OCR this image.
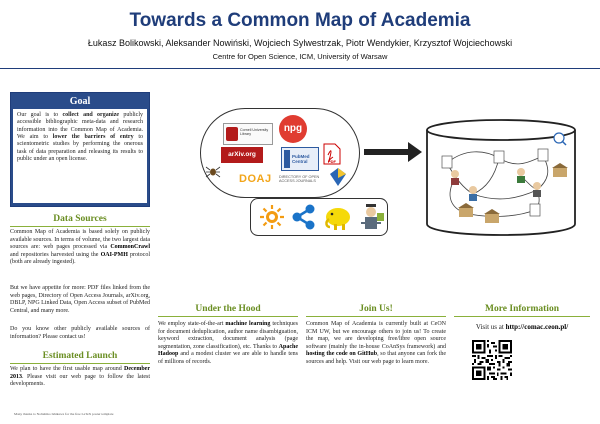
Towards a Common Map of Academia
Łukasz Bolikowski, Aleksander Nowiński, Wojciech Sylwestrzak, Piotr Wendykier, Krzysztof Wojciechowski
Centre for Open Science, ICM, University of Warsaw
Goal
Our goal is to collect and organize publicly accessible bibliographic meta-data and research information into the Common Map of Academia. We aim to lower the barriers of entry to scientometric studies by performing the onerous task of data preparation and releasing its results to public under an open license.
Data Sources
Common Map of Academia is based solely on publicly available sources. In terms of volume, the two largest data sources are: web pages processed via CommonCrawl and repositories harvested using the OAI-PMH protocol (both are already ingested).
But we have appetite for more: PDF files linked from the web pages, Directory of Open Access Journals, arXiv.org, DBLP, NPG Linked Data, Open Access subset of PubMed Central, and many more.
Do you know other publicly available sources of information? Please contact us!
Estimated Launch
We plan to have the first usable map around December 2013. Please visit our web page to follow the latest developments.
Under the Hood
We employ state-of-the-art machine learning techniques for document deduplication, author name disambiguation, keyword extraction, document analysis (page segmentation, zone classification), etc. Thanks to Apache Hadoop and a modest cluster we are able to handle tens of millions of records.
Join Us!
Common Map of Academia is currently built at CeON ICM UW, but we encourage others to join us! To create the map, we are developing free/libre open source software (mainly the in-house CoAnSys framework) and hosting the code on GitHub, so that anyone can fork the sources and help. Visit our web page to learn more.
More Information
Visit us at http://comac.ceon.pl/
Cornell University Library
arXiv.org
npg
PubMed Central	PDF
DOAJ DIRECTORY OF OPEN ACCESS JOURNALS
Many thanks to Nobuhiko Ishikawa for the free LaTeX poster template
